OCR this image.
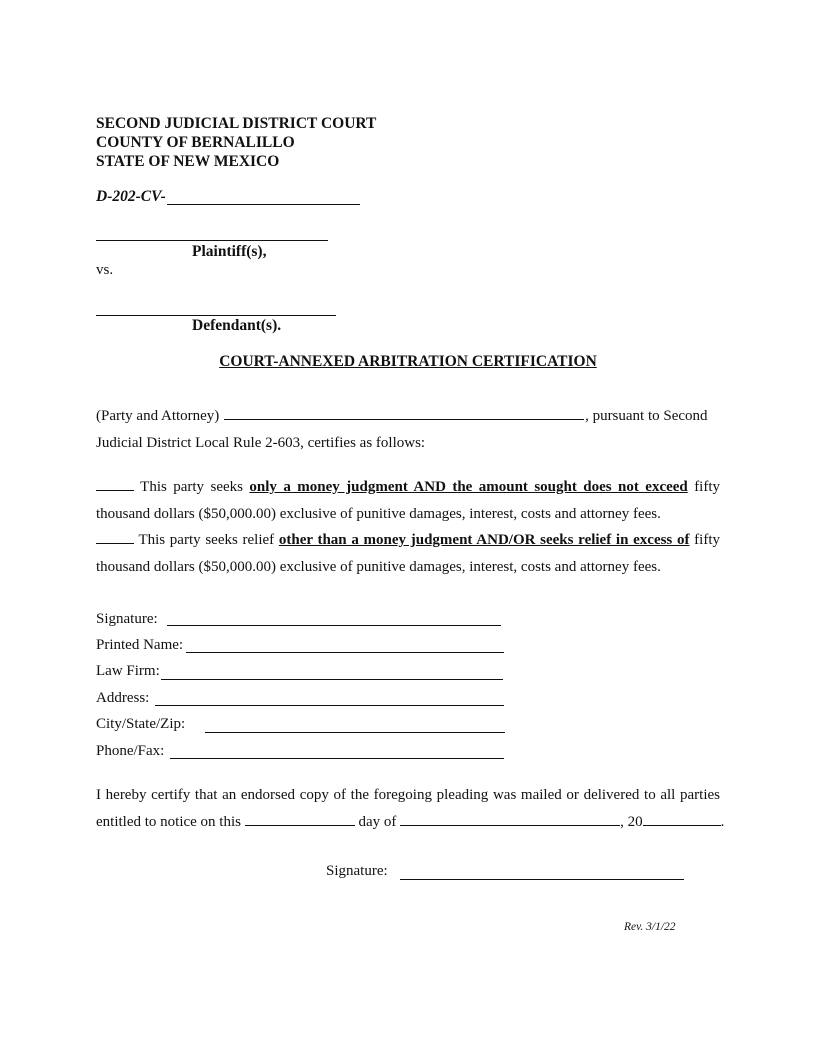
SECOND JUDICIAL DISTRICT COURT
COUNTY OF BERNALILLO
STATE OF NEW MEXICO
D-202-CV-
Plaintiff(s),
vs.
Defendant(s).
COURT-ANNEXED ARBITRATION CERTIFICATION
(Party and Attorney)	, pursuant to Second
Judicial District Local Rule 2-603, certifies as follows:
This party seeks only a money judgment AND the amount sought does not exceed fifty
thousand dollars ($50,000.00) exclusive of punitive damages, interest, costs and attorney fees.
This party seeks relief other than a money judgment AND/OR seeks relief in excess of fifty
thousand dollars ($50,000.00) exclusive of punitive damages, interest, costs and attorney fees.
Signature:
Printed Name:
Law Firm:
Address:
City/State/Zip:
Phone/Fax:
I hereby certify that an endorsed copy of the foregoing pleading was mailed or delivered to all parties
entitled to notice on this	day of	, 20	.
Signature:
Rev. 3/1/22
